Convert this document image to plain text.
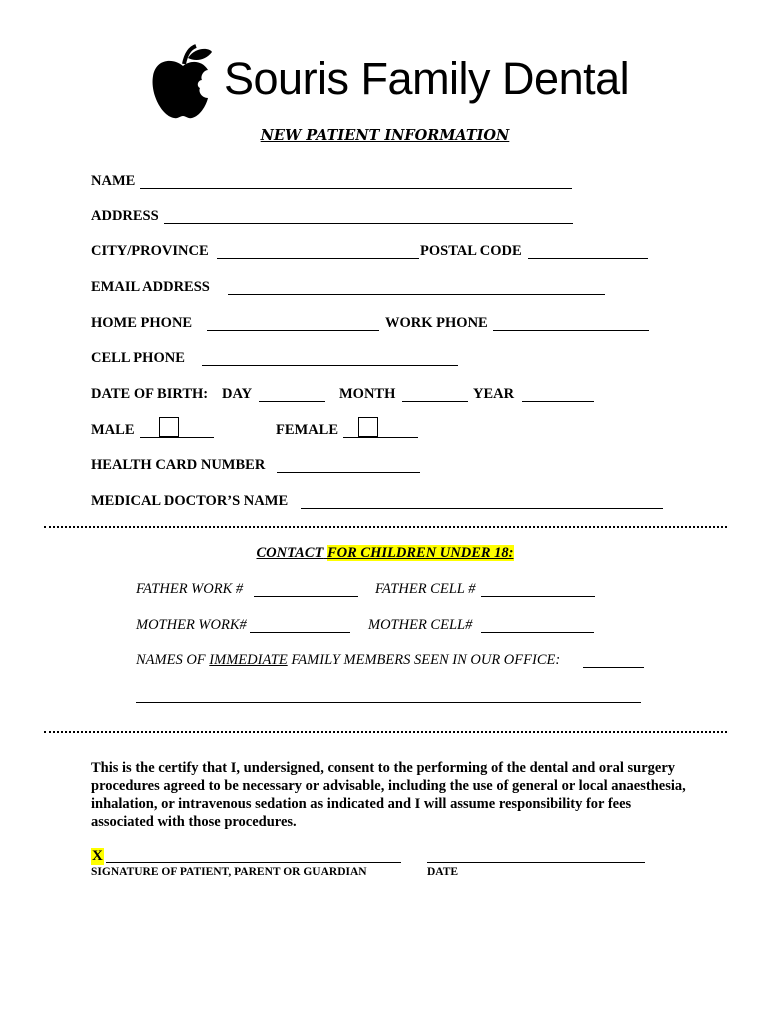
Souris Family Dental
NEW PATIENT INFORMATION
NAME
ADDRESS
CITY/PROVINCE	POSTAL CODE
EMAIL ADDRESS
HOME PHONE	WORK PHONE
CELL PHONE
DATE OF BIRTH: DAY	MONTH	YEAR
MALE	FEMALE
HEALTH CARD NUMBER
MEDICAL DOCTOR’S NAME
CONTACT FOR CHILDREN UNDER 18:
FATHER WORK #	FATHER CELL #
MOTHER WORK#	MOTHER CELL#
NAMES OF IMMEDIATE FAMILY MEMBERS SEEN IN OUR OFFICE:
This is the certify that I, undersigned, consent to the performing of the dental and oral surgery procedures agreed to be necessary or advisable, including the use of general or local anaesthesia, inhalation, or intravenous sedation as indicated and I will assume responsibility for fees associated with those procedures.
X
SIGNATURE OF PATIENT, PARENT OR GUARDIAN	DATE
